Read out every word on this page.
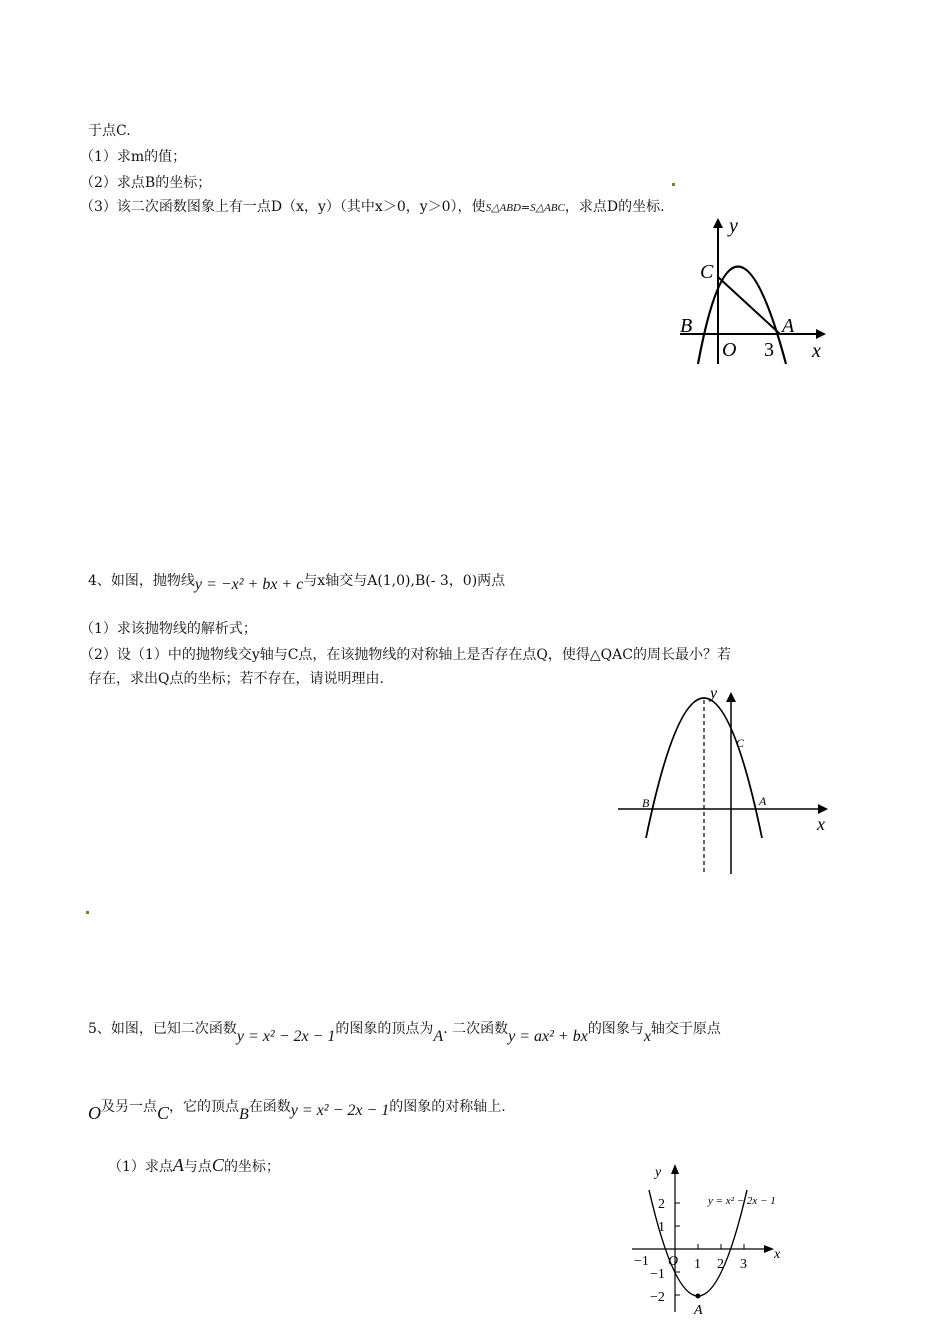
于点C.
（1）求m的值；
（2）求点B的坐标；
（3）该二次函数图象上有一点D（x，y）（其中x＞0，y＞0），使S△ABD=S△ABC，求点D的坐标.
y
C
B
O 3
A
x
4、如图，抛物线y = −x² + bx + c与x轴交与A(1,0),B(- 3，0)两点
（1）求该抛物线的解析式；
（2）设（1）中的抛物线交y轴与C点，在该抛物线的对称轴上是否存在点Q，使得△QAC的周长最小？若
存在，求出Q点的坐标；若不存在，请说明理由.
y
C
B	A
x
5、如图，已知二次函数y = x² − 2x − 1的图象的顶点为A. 二次函数y = ax² + bx的图象与x轴交于原点
O及另一点C，它的顶点B在函数y = x² − 2x − 1的图象的对称轴上.
（1）求点A与点C的坐标；	y
x
y = x² − 2x − 1
2
1
−1
−2
−1 O 1 2 3
A
